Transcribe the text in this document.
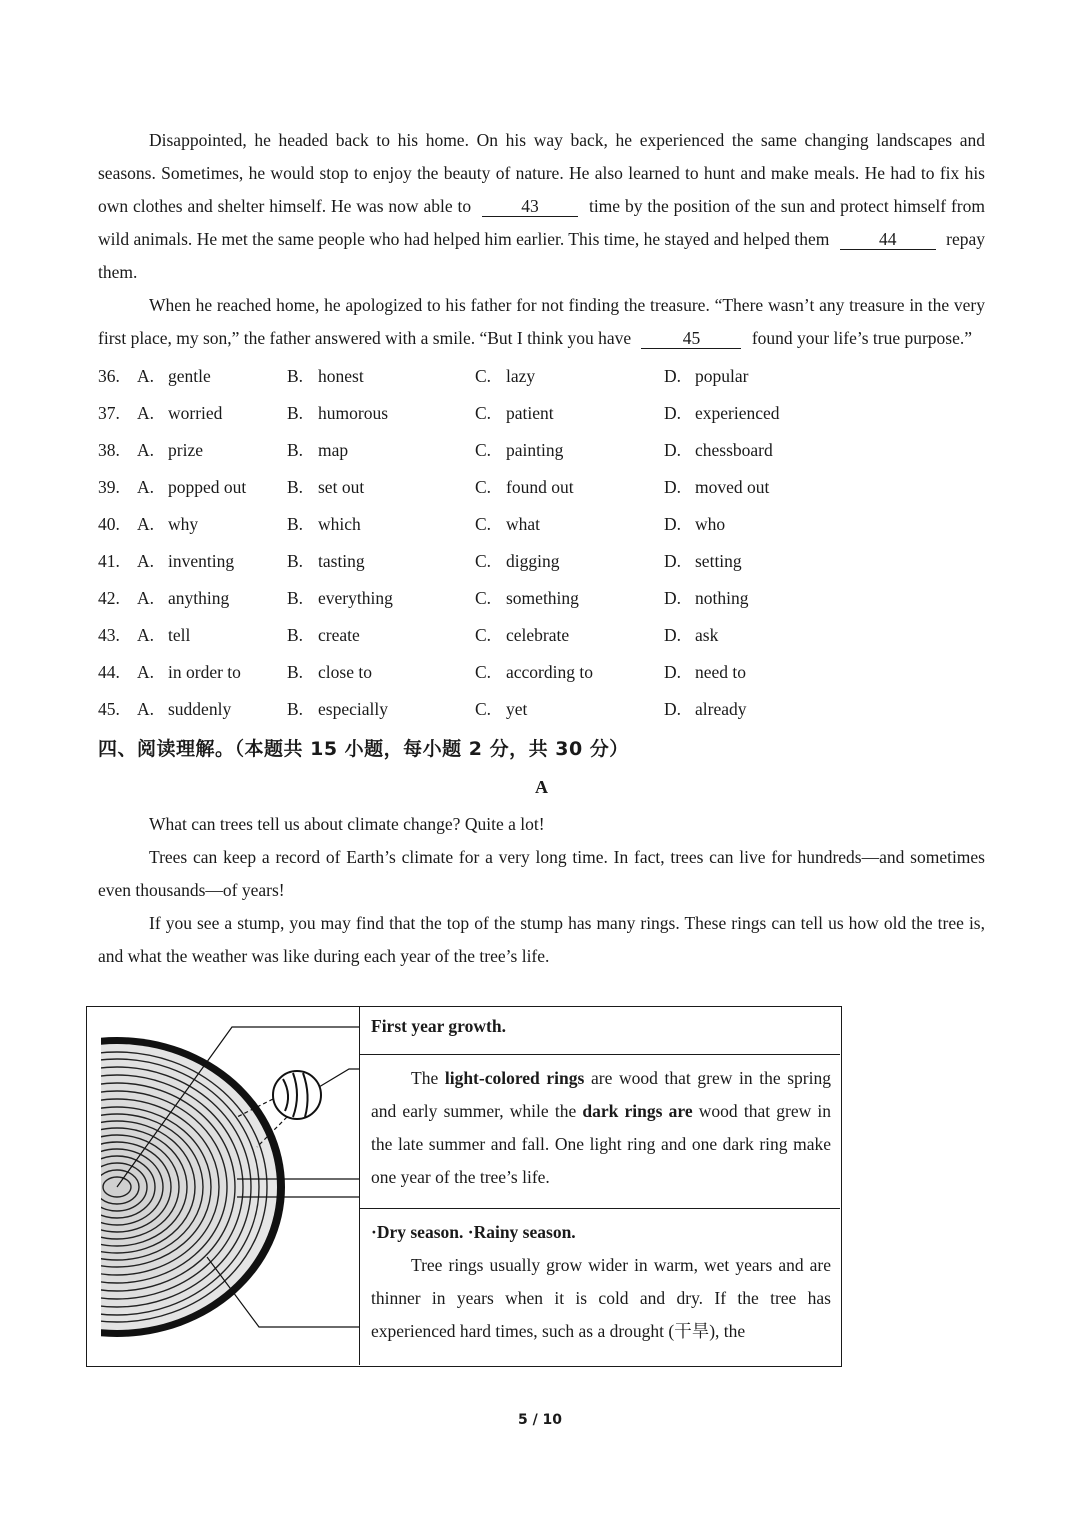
Disappointed, he headed back to his home. On his way back, he experienced the same changing landscapes and seasons. Sometimes, he would stop to enjoy the beauty of nature. He also learned to hunt and make meals. He had to fix his own clothes and shelter himself. He was now able to	43	time by the position of the sun and protect himself from wild animals. He met the same people who had helped him earlier. This time, he stayed and helped them	44	repay them.

When he reached home, he apologized to his father for not finding the treasure. “There wasn’t any treasure in the very first place, my son,” the father answered with a smile. “But I think you have	45	found your life’s true purpose.”

36. A. gentle	B. honest	C. lazy	D. popular
37. A. worried	B. humorous	C. patient	D. experienced
38. A. prize	B. map	C. painting	D. chessboard
39. A. popped out B. set out	C. found out	D. moved out
40. A. why	B. which	C. what	D. who
41. A. inventing	B. tasting	C. digging	D. setting
42. A. anything	B. everything	C. something	D. nothing
43. A. tell	B. create	C. celebrate	D. ask
44. A. in order to	B. close to	C. according to	D. need to
45. A. suddenly	B. especially	C. yet	D. already
四、阅读理解。（本题共 15 小题，每小题 2 分，共 30 分）
A

What can trees tell us about climate change? Quite a lot!

Trees can keep a record of Earth’s climate for a very long time. In fact, trees can live for hundreds—and sometimes even thousands—of years!

If you see a stump, you may find that the top of the stump has many rings. These rings can tell us how old the tree is, and what the weather was like during each year of the tree’s life.

First year growth.

The light-colored rings are wood that grew in the spring and early summer, while the dark rings are wood that grew in the late summer and fall. One light ring and one dark ring make one year of the tree’s life.

·Dry season. ·Rainy season.

Tree rings usually grow wider in warm, wet years and are thinner in years when it is cold and dry. If the tree has experienced hard times, such as a drought (干旱), the

5 / 10
